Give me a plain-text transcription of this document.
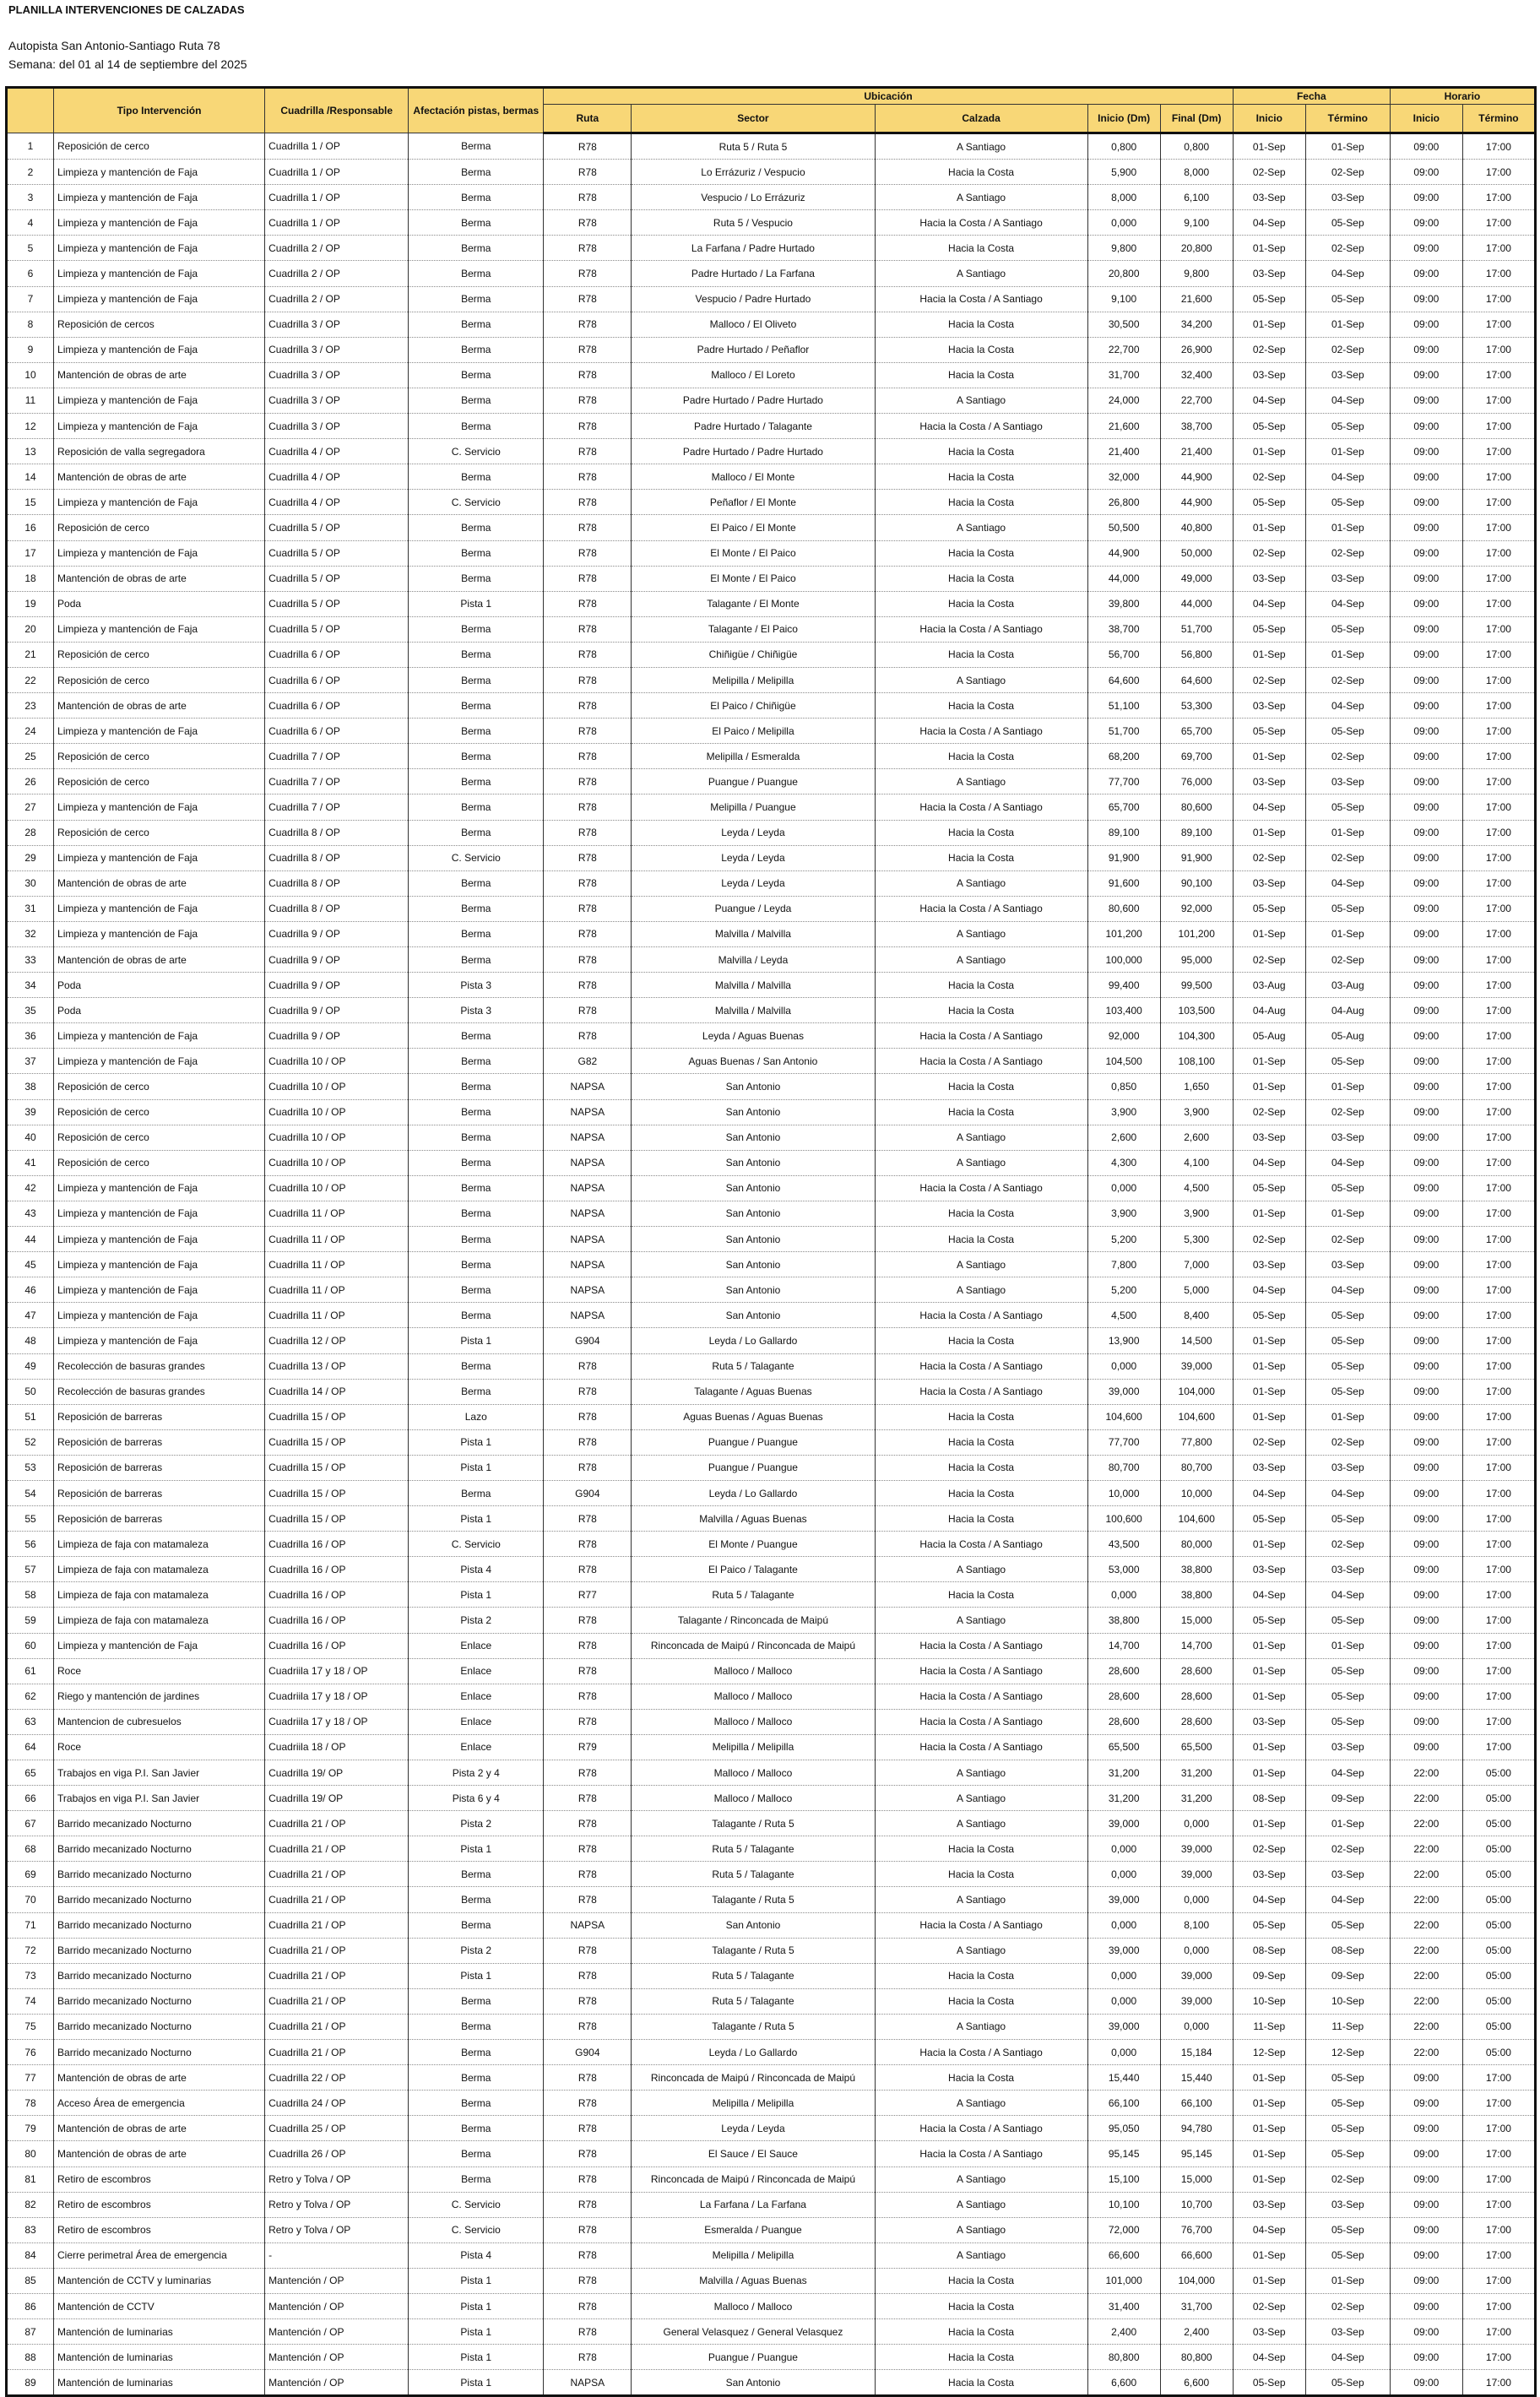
PLANILLA INTERVENCIONES DE CALZADAS
Autopista San Antonio-Santiago Ruta 78
Semana: del 01 al 14 de septiembre del 2025
	Tipo Intervención	Cuadrilla /Responsable	Afectación pistas, bermas	Ubicación					Fecha		Horario	
				Ruta	Sector	Calzada	Inicio (Dm)	Final (Dm)	Inicio	Término	Inicio	Término
1	Reposición de cerco	Cuadrilla 1 / OP	Berma	R78	Ruta 5 / Ruta 5	A Santiago	0,800	0,800	01-Sep	01-Sep	09:00	17:00
2	Limpieza y mantención de Faja	Cuadrilla 1 / OP	Berma	R78	Lo Errázuriz / Vespucio	Hacia la Costa	5,900	8,000	02-Sep	02-Sep	09:00	17:00
3	Limpieza y mantención de Faja	Cuadrilla 1 / OP	Berma	R78	Vespucio / Lo Errázuriz	A Santiago	8,000	6,100	03-Sep	03-Sep	09:00	17:00
4	Limpieza y mantención de Faja	Cuadrilla 1 / OP	Berma	R78	Ruta 5 / Vespucio	Hacia la Costa / A Santiago	0,000	9,100	04-Sep	05-Sep	09:00	17:00
5	Limpieza y mantención de Faja	Cuadrilla 2 / OP	Berma	R78	La Farfana / Padre Hurtado	Hacia la Costa	9,800	20,800	01-Sep	02-Sep	09:00	17:00
6	Limpieza y mantención de Faja	Cuadrilla 2 / OP	Berma	R78	Padre Hurtado / La Farfana	A Santiago	20,800	9,800	03-Sep	04-Sep	09:00	17:00
7	Limpieza y mantención de Faja	Cuadrilla 2 / OP	Berma	R78	Vespucio / Padre Hurtado	Hacia la Costa / A Santiago	9,100	21,600	05-Sep	05-Sep	09:00	17:00
8	Reposición de cercos	Cuadrilla 3 / OP	Berma	R78	Malloco / El Oliveto	Hacia la Costa	30,500	34,200	01-Sep	01-Sep	09:00	17:00
9	Limpieza y mantención de Faja	Cuadrilla 3 / OP	Berma	R78	Padre Hurtado / Peñaflor	Hacia la Costa	22,700	26,900	02-Sep	02-Sep	09:00	17:00
10	Mantención de obras de arte	Cuadrilla 3 / OP	Berma	R78	Malloco / El Loreto	Hacia la Costa	31,700	32,400	03-Sep	03-Sep	09:00	17:00
11	Limpieza y mantención de Faja	Cuadrilla 3 / OP	Berma	R78	Padre Hurtado / Padre Hurtado	A Santiago	24,000	22,700	04-Sep	04-Sep	09:00	17:00
12	Limpieza y mantención de Faja	Cuadrilla 3 / OP	Berma	R78	Padre Hurtado / Talagante	Hacia la Costa / A Santiago	21,600	38,700	05-Sep	05-Sep	09:00	17:00
13	Reposición de valla segregadora	Cuadrilla 4 / OP	C. Servicio	R78	Padre Hurtado / Padre Hurtado	Hacia la Costa	21,400	21,400	01-Sep	01-Sep	09:00	17:00
14	Mantención de obras de arte	Cuadrilla 4 / OP	Berma	R78	Malloco / El Monte	Hacia la Costa	32,000	44,900	02-Sep	04-Sep	09:00	17:00
15	Limpieza y mantención de Faja	Cuadrilla 4 / OP	C. Servicio	R78	Peñaflor / El Monte	Hacia la Costa	26,800	44,900	05-Sep	05-Sep	09:00	17:00
16	Reposición de cerco	Cuadrilla 5 / OP	Berma	R78	El Paico / El Monte	A Santiago	50,500	40,800	01-Sep	01-Sep	09:00	17:00
17	Limpieza y mantención de Faja	Cuadrilla 5 / OP	Berma	R78	El Monte / El Paico	Hacia la Costa	44,900	50,000	02-Sep	02-Sep	09:00	17:00
18	Mantención de obras de arte	Cuadrilla 5 / OP	Berma	R78	El Monte / El Paico	Hacia la Costa	44,000	49,000	03-Sep	03-Sep	09:00	17:00
19	Poda	Cuadrilla 5 / OP	Pista 1	R78	Talagante / El Monte	Hacia la Costa	39,800	44,000	04-Sep	04-Sep	09:00	17:00
20	Limpieza y mantención de Faja	Cuadrilla 5 / OP	Berma	R78	Talagante / El Paico	Hacia la Costa / A Santiago	38,700	51,700	05-Sep	05-Sep	09:00	17:00
21	Reposición de cerco	Cuadrilla 6 / OP	Berma	R78	Chiñigüe / Chiñigüe	Hacia la Costa	56,700	56,800	01-Sep	01-Sep	09:00	17:00
22	Reposición de cerco	Cuadrilla 6 / OP	Berma	R78	Melipilla / Melipilla	A Santiago	64,600	64,600	02-Sep	02-Sep	09:00	17:00
23	Mantención de obras de arte	Cuadrilla 6 / OP	Berma	R78	El Paico / Chiñigüe	Hacia la Costa	51,100	53,300	03-Sep	04-Sep	09:00	17:00
24	Limpieza y mantención de Faja	Cuadrilla 6 / OP	Berma	R78	El Paico / Melipilla	Hacia la Costa / A Santiago	51,700	65,700	05-Sep	05-Sep	09:00	17:00
25	Reposición de cerco	Cuadrilla 7 / OP	Berma	R78	Melipilla / Esmeralda	Hacia la Costa	68,200	69,700	01-Sep	02-Sep	09:00	17:00
26	Reposición de cerco	Cuadrilla 7 / OP	Berma	R78	Puangue / Puangue	A Santiago	77,700	76,000	03-Sep	03-Sep	09:00	17:00
27	Limpieza y mantención de Faja	Cuadrilla 7 / OP	Berma	R78	Melipilla / Puangue	Hacia la Costa / A Santiago	65,700	80,600	04-Sep	05-Sep	09:00	17:00
28	Reposición de cerco	Cuadrilla 8 / OP	Berma	R78	Leyda / Leyda	Hacia la Costa	89,100	89,100	01-Sep	01-Sep	09:00	17:00
29	Limpieza y mantención de Faja	Cuadrilla 8 / OP	C. Servicio	R78	Leyda / Leyda	Hacia la Costa	91,900	91,900	02-Sep	02-Sep	09:00	17:00
30	Mantención de obras de arte	Cuadrilla 8 / OP	Berma	R78	Leyda / Leyda	A Santiago	91,600	90,100	03-Sep	04-Sep	09:00	17:00
31	Limpieza y mantención de Faja	Cuadrilla 8 / OP	Berma	R78	Puangue / Leyda	Hacia la Costa / A Santiago	80,600	92,000	05-Sep	05-Sep	09:00	17:00
32	Limpieza y mantención de Faja	Cuadrilla 9 / OP	Berma	R78	Malvilla / Malvilla	A Santiago	101,200	101,200	01-Sep	01-Sep	09:00	17:00
33	Mantención de obras de arte	Cuadrilla 9 / OP	Berma	R78	Malvilla / Leyda	A Santiago	100,000	95,000	02-Sep	02-Sep	09:00	17:00
34	Poda	Cuadrilla 9 / OP	Pista 3	R78	Malvilla / Malvilla	Hacia la Costa	99,400	99,500	03-Aug	03-Aug	09:00	17:00
35	Poda	Cuadrilla 9 / OP	Pista 3	R78	Malvilla / Malvilla	Hacia la Costa	103,400	103,500	04-Aug	04-Aug	09:00	17:00
36	Limpieza y mantención de Faja	Cuadrilla 9 / OP	Berma	R78	Leyda / Aguas Buenas	Hacia la Costa / A Santiago	92,000	104,300	05-Aug	05-Aug	09:00	17:00
37	Limpieza y mantención de Faja	Cuadrilla 10 / OP	Berma	G82	Aguas Buenas / San Antonio	Hacia la Costa / A Santiago	104,500	108,100	01-Sep	05-Sep	09:00	17:00
38	Reposición de cerco	Cuadrilla 10 / OP	Berma	NAPSA	San Antonio	Hacia la Costa	0,850	1,650	01-Sep	01-Sep	09:00	17:00
39	Reposición de cerco	Cuadrilla 10 / OP	Berma	NAPSA	San Antonio	Hacia la Costa	3,900	3,900	02-Sep	02-Sep	09:00	17:00
40	Reposición de cerco	Cuadrilla 10 / OP	Berma	NAPSA	San Antonio	A Santiago	2,600	2,600	03-Sep	03-Sep	09:00	17:00
41	Reposición de cerco	Cuadrilla 10 / OP	Berma	NAPSA	San Antonio	A Santiago	4,300	4,100	04-Sep	04-Sep	09:00	17:00
42	Limpieza y mantención de Faja	Cuadrilla 10 / OP	Berma	NAPSA	San Antonio	Hacia la Costa / A Santiago	0,000	4,500	05-Sep	05-Sep	09:00	17:00
43	Limpieza y mantención de Faja	Cuadrilla 11 / OP	Berma	NAPSA	San Antonio	Hacia la Costa	3,900	3,900	01-Sep	01-Sep	09:00	17:00
44	Limpieza y mantención de Faja	Cuadrilla 11 / OP	Berma	NAPSA	San Antonio	Hacia la Costa	5,200	5,300	02-Sep	02-Sep	09:00	17:00
45	Limpieza y mantención de Faja	Cuadrilla 11 / OP	Berma	NAPSA	San Antonio	A Santiago	7,800	7,000	03-Sep	03-Sep	09:00	17:00
46	Limpieza y mantención de Faja	Cuadrilla 11 / OP	Berma	NAPSA	San Antonio	A Santiago	5,200	5,000	04-Sep	04-Sep	09:00	17:00
47	Limpieza y mantención de Faja	Cuadrilla 11 / OP	Berma	NAPSA	San Antonio	Hacia la Costa / A Santiago	4,500	8,400	05-Sep	05-Sep	09:00	17:00
48	Limpieza y mantención de Faja	Cuadrilla 12 / OP	Pista 1	G904	Leyda / Lo Gallardo	Hacia la Costa	13,900	14,500	01-Sep	05-Sep	09:00	17:00
49	Recolección de basuras grandes	Cuadrilla 13 / OP	Berma	R78	Ruta 5 / Talagante	Hacia la Costa / A Santiago	0,000	39,000	01-Sep	05-Sep	09:00	17:00
50	Recolección de basuras grandes	Cuadrilla 14 / OP	Berma	R78	Talagante / Aguas Buenas	Hacia la Costa / A Santiago	39,000	104,000	01-Sep	05-Sep	09:00	17:00
51	Reposición de barreras	Cuadrilla 15 / OP	Lazo	R78	Aguas Buenas / Aguas Buenas	Hacia la Costa	104,600	104,600	01-Sep	01-Sep	09:00	17:00
52	Reposición de barreras	Cuadrilla 15 / OP	Pista 1	R78	Puangue / Puangue	Hacia la Costa	77,700	77,800	02-Sep	02-Sep	09:00	17:00
53	Reposición de barreras	Cuadrilla 15 / OP	Pista 1	R78	Puangue / Puangue	Hacia la Costa	80,700	80,700	03-Sep	03-Sep	09:00	17:00
54	Reposición de barreras	Cuadrilla 15 / OP	Berma	G904	Leyda / Lo Gallardo	Hacia la Costa	10,000	10,000	04-Sep	04-Sep	09:00	17:00
55	Reposición de barreras	Cuadrilla 15 / OP	Pista 1	R78	Malvilla / Aguas Buenas	Hacia la Costa	100,600	104,600	05-Sep	05-Sep	09:00	17:00
56	Limpieza de faja con matamaleza	Cuadrilla 16 / OP	C. Servicio	R78	El Monte / Puangue	Hacia la Costa / A Santiago	43,500	80,000	01-Sep	02-Sep	09:00	17:00
57	Limpieza de faja con matamaleza	Cuadrilla 16 / OP	Pista 4	R78	El Paico / Talagante	A Santiago	53,000	38,800	03-Sep	03-Sep	09:00	17:00
58	Limpieza de faja con matamaleza	Cuadrilla 16 / OP	Pista 1	R77	Ruta 5 / Talagante	Hacia la Costa	0,000	38,800	04-Sep	04-Sep	09:00	17:00
59	Limpieza de faja con matamaleza	Cuadrilla 16 / OP	Pista 2	R78	Talagante / Rinconcada de Maipú	A Santiago	38,800	15,000	05-Sep	05-Sep	09:00	17:00
60	Limpieza y mantención de Faja	Cuadrilla 16 / OP	Enlace	R78	Rinconcada de Maipú / Rinconcada de Maipú	Hacia la Costa / A Santiago	14,700	14,700	01-Sep	01-Sep	09:00	17:00
61	Roce	Cuadriila 17 y 18 / OP	Enlace	R78	Malloco / Malloco	Hacia la Costa / A Santiago	28,600	28,600	01-Sep	05-Sep	09:00	17:00
62	Riego y mantención de jardines	Cuadriila 17 y 18 / OP	Enlace	R78	Malloco / Malloco	Hacia la Costa / A Santiago	28,600	28,600	01-Sep	05-Sep	09:00	17:00
63	Mantencion de cubresuelos	Cuadriila 17 y 18 / OP	Enlace	R78	Malloco / Malloco	Hacia la Costa / A Santiago	28,600	28,600	03-Sep	05-Sep	09:00	17:00
64	Roce	Cuadriila 18 / OP	Enlace	R79	Melipilla / Melipilla	Hacia la Costa / A Santiago	65,500	65,500	01-Sep	03-Sep	09:00	17:00
65	Trabajos en viga P.I. San Javier	Cuadrilla 19/ OP	Pista 2 y 4	R78	Malloco / Malloco	A Santiago	31,200	31,200	01-Sep	04-Sep	22:00	05:00
66	Trabajos en viga P.I. San Javier	Cuadrilla 19/ OP	Pista 6 y 4	R78	Malloco / Malloco	A Santiago	31,200	31,200	08-Sep	09-Sep	22:00	05:00
67	Barrido mecanizado Nocturno	Cuadrilla 21 / OP	Pista 2	R78	Talagante / Ruta 5	A Santiago	39,000	0,000	01-Sep	01-Sep	22:00	05:00
68	Barrido mecanizado Nocturno	Cuadrilla 21 / OP	Pista 1	R78	Ruta 5 / Talagante	Hacia la Costa	0,000	39,000	02-Sep	02-Sep	22:00	05:00
69	Barrido mecanizado Nocturno	Cuadrilla 21 / OP	Berma	R78	Ruta 5 / Talagante	Hacia la Costa	0,000	39,000	03-Sep	03-Sep	22:00	05:00
70	Barrido mecanizado Nocturno	Cuadrilla 21 / OP	Berma	R78	Talagante / Ruta 5	A Santiago	39,000	0,000	04-Sep	04-Sep	22:00	05:00
71	Barrido mecanizado Nocturno	Cuadrilla 21 / OP	Berma	NAPSA	San Antonio	Hacia la Costa / A Santiago	0,000	8,100	05-Sep	05-Sep	22:00	05:00
72	Barrido mecanizado Nocturno	Cuadrilla 21 / OP	Pista 2	R78	Talagante / Ruta 5	A Santiago	39,000	0,000	08-Sep	08-Sep	22:00	05:00
73	Barrido mecanizado Nocturno	Cuadrilla 21 / OP	Pista 1	R78	Ruta 5 / Talagante	Hacia la Costa	0,000	39,000	09-Sep	09-Sep	22:00	05:00
74	Barrido mecanizado Nocturno	Cuadrilla 21 / OP	Berma	R78	Ruta 5 / Talagante	Hacia la Costa	0,000	39,000	10-Sep	10-Sep	22:00	05:00
75	Barrido mecanizado Nocturno	Cuadrilla 21 / OP	Berma	R78	Talagante / Ruta 5	A Santiago	39,000	0,000	11-Sep	11-Sep	22:00	05:00
76	Barrido mecanizado Nocturno	Cuadrilla 21 / OP	Berma	G904	Leyda / Lo Gallardo	Hacia la Costa / A Santiago	0,000	15,184	12-Sep	12-Sep	22:00	05:00
77	Mantención de obras de arte	Cuadrilla 22 / OP	Berma	R78	Rinconcada de Maipú / Rinconcada de Maipú	Hacia la Costa	15,440	15,440	01-Sep	05-Sep	09:00	17:00
78	Acceso Área de emergencia	Cuadrilla 24 / OP	Berma	R78	Melipilla / Melipilla	A Santiago	66,100	66,100	01-Sep	05-Sep	09:00	17:00
79	Mantención de obras de arte	Cuadrilla 25 / OP	Berma	R78	Leyda / Leyda	Hacia la Costa / A Santiago	95,050	94,780	01-Sep	05-Sep	09:00	17:00
80	Mantención de obras de arte	Cuadrilla 26 / OP	Berma	R78	El Sauce / El Sauce	Hacia la Costa / A Santiago	95,145	95,145	01-Sep	05-Sep	09:00	17:00
81	Retiro de escombros	Retro y Tolva / OP	Berma	R78	Rinconcada de Maipú / Rinconcada de Maipú	A Santiago	15,100	15,000	01-Sep	02-Sep	09:00	17:00
82	Retiro de escombros	Retro y Tolva / OP	C. Servicio	R78	La Farfana / La Farfana	A Santiago	10,100	10,700	03-Sep	03-Sep	09:00	17:00
83	Retiro de escombros	Retro y Tolva / OP	C. Servicio	R78	Esmeralda / Puangue	A Santiago	72,000	76,700	04-Sep	05-Sep	09:00	17:00
84	Cierre perimetral Área de emergencia	-	Pista 4	R78	Melipilla / Melipilla	A Santiago	66,600	66,600	01-Sep	05-Sep	09:00	17:00
85	Mantención de CCTV y luminarias	Mantención / OP	Pista 1	R78	Malvilla / Aguas Buenas	Hacia la Costa	101,000	104,000	01-Sep	01-Sep	09:00	17:00
86	Mantención de CCTV	Mantención / OP	Pista 1	R78	Malloco / Malloco	Hacia la Costa	31,400	31,700	02-Sep	02-Sep	09:00	17:00
87	Mantención de luminarias	Mantención / OP	Pista 1	R78	General Velasquez / General Velasquez	Hacia la Costa	2,400	2,400	03-Sep	03-Sep	09:00	17:00
88	Mantención de luminarias	Mantención / OP	Pista 1	R78	Puangue / Puangue	Hacia la Costa	80,800	80,800	04-Sep	04-Sep	09:00	17:00
89	Mantención de luminarias	Mantención / OP	Pista 1	NAPSA	San Antonio	Hacia la Costa	6,600	6,600	05-Sep	05-Sep	09:00	17:00
